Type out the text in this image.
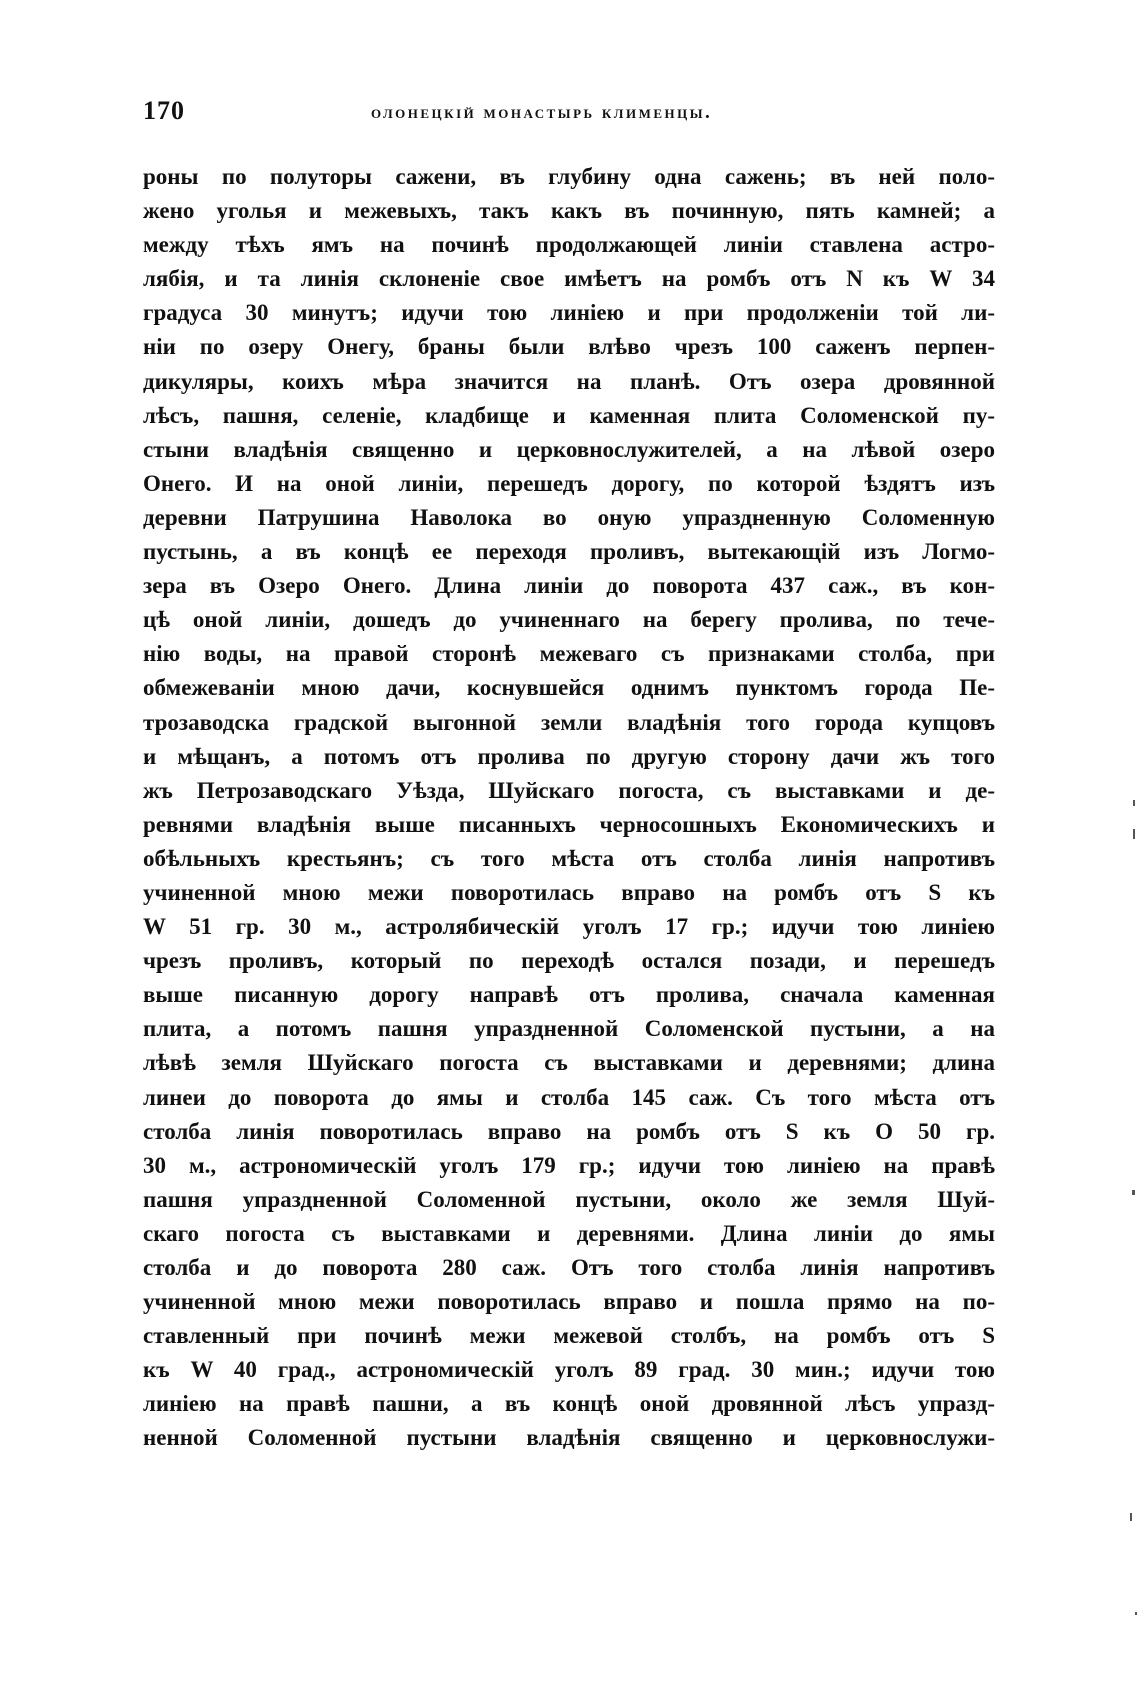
170	олонецкій монастырь клименцы.
роны по полуторы сажени, въ глубину одна сажень; въ ней поло-
жено уголья и межевыхъ, такъ какъ въ починную, пять камней; а
между тѣхъ ямъ на починѣ продолжающей линіи ставлена астро-
лябія, и та линія склоненіе свое имѣетъ на ромбъ отъ N къ W 34
градуса 30 минутъ; идучи тою линіею и при продолженіи той ли-
ніи по озеру Онегу, браны были влѣво чрезъ 100 саженъ перпен-
дикуляры, коихъ мѣра значится на планѣ. Отъ озера дровянной
лѣсъ, пашня, селеніе, кладбище и каменная плита Соломенской пу-
стыни владѣнія священно и церковнослужителей, а на лѣвой озеро
Онего. И на оной линіи, перешедъ дорогу, по которой ѣздятъ изъ
деревни Патрушина Наволока во оную упраздненную Соломенную
пустынь, а въ концѣ ее переходя проливъ, вытекающій изъ Логмо-
зера въ Озеро Онего. Длина линіи до поворота 437 саж., въ кон-
цѣ оной линіи, дошедъ до учиненнаго на берегу пролива, по тече-
нію воды, на правой сторонѣ межеваго съ признаками столба, при
обмежеваніи мною дачи, коснувшейся однимъ пунктомъ города Пе-
трозаводска градской выгонной земли владѣнія того города купцовъ
и мѣщанъ, а потомъ отъ пролива по другую сторону дачи жъ того
жъ Петрозаводскаго Уѣзда, Шуйскаго погоста, съ выставками и де-
ревнями владѣнія выше писанныхъ черносошныхъ Економическихъ и
обѣльныхъ крестьянъ; съ того мѣста отъ столба линія напротивъ
учиненной мною межи поворотилась вправо на ромбъ отъ S къ
W 51 гр. 30 м., астролябическій уголъ 17 гр.; идучи тою линіею
чрезъ проливъ, который по переходѣ остался позади, и перешедъ
выше писанную дорогу направѣ отъ пролива, сначала каменная
плита, а потомъ пашня упраздненной Соломенской пустыни, а на
лѣвѣ земля Шуйскаго погоста съ выставками и деревнями; длина
линеи до поворота до ямы и столба 145 саж. Съ того мѣста отъ
столба линія поворотилась вправо на ромбъ отъ S къ О 50 гр.
30 м., астрономическій уголъ 179 гр.; идучи тою линіею на правѣ
пашня упраздненной Соломенной пустыни, около же земля Шуй-
скаго погоста съ выставками и деревнями. Длина линіи до ямы
столба и до поворота 280 саж. Отъ того столба линія напротивъ
учиненной мною межи поворотилась вправо и пошла прямо на по-
ставленный при починѣ межи межевой столбъ, на ромбъ отъ S
къ W 40 град., астрономическій уголъ 89 град. 30 мин.; идучи тою
линіею на правѣ пашни, а въ концѣ оной дровянной лѣсъ упразд-
ненной Соломенной пустыни владѣнія священно и церковнослужи-
